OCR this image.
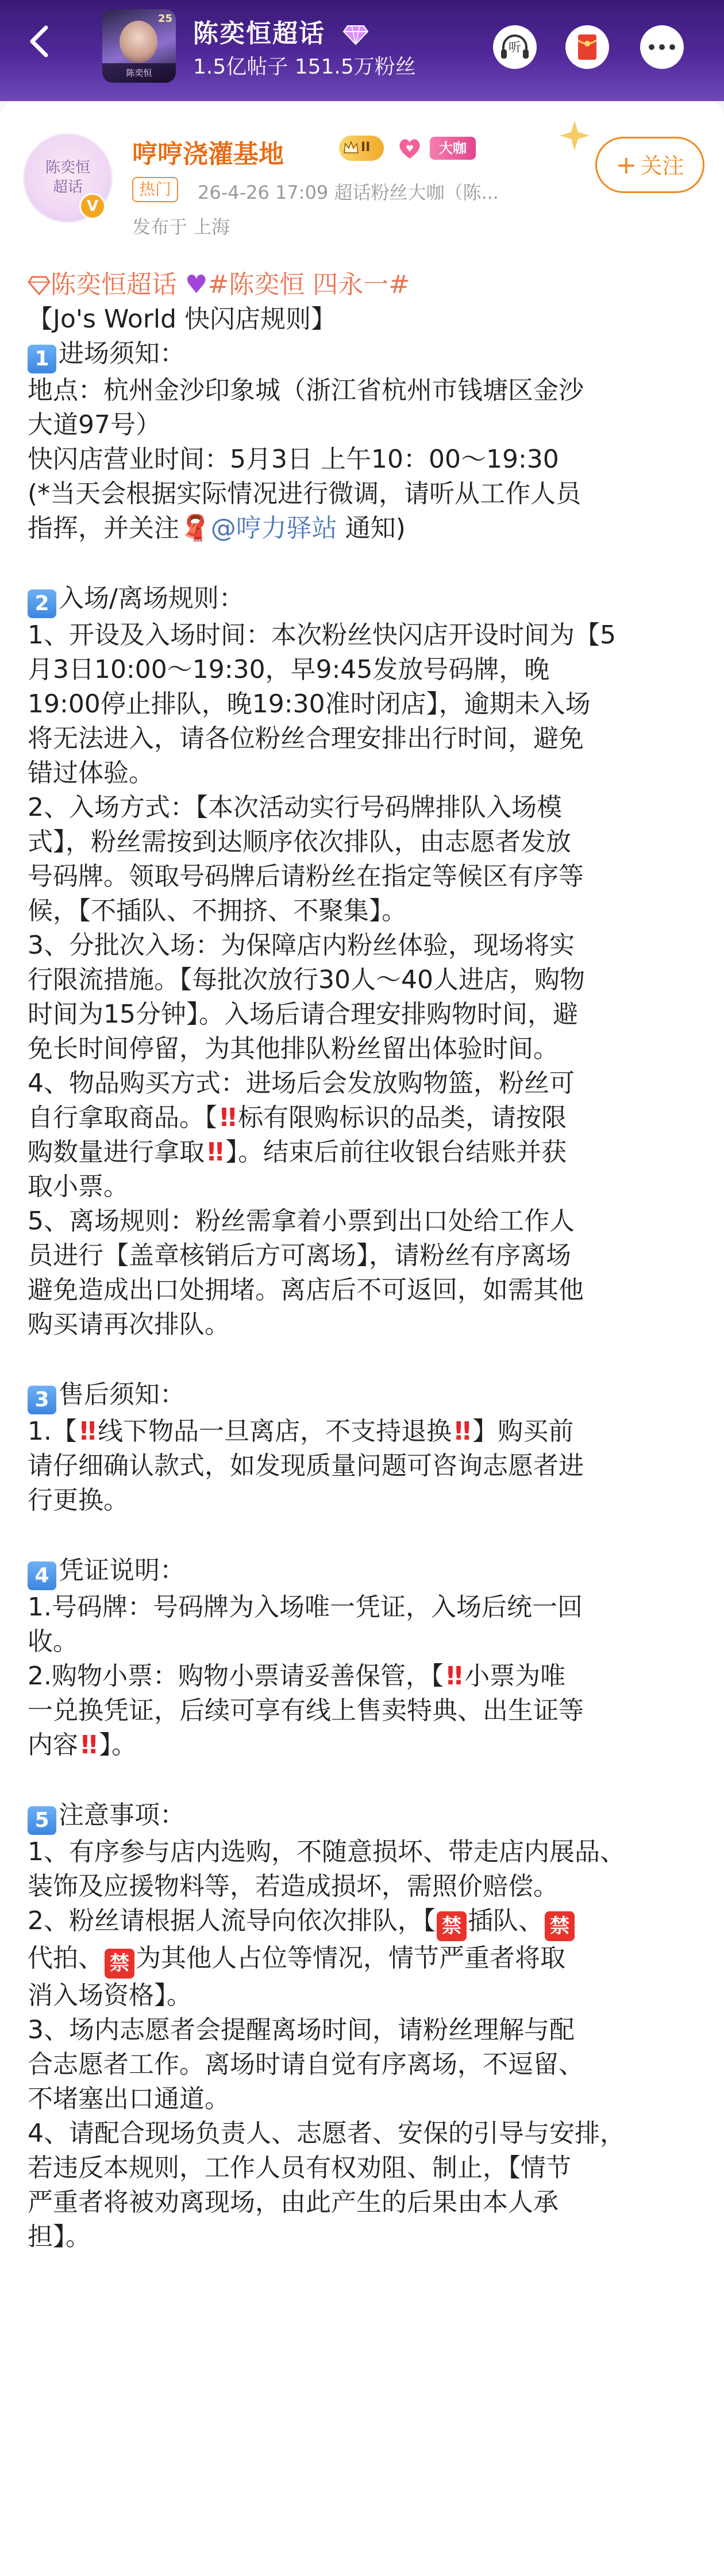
25
陈奕恒
陈奕恒超话
1.5亿帖子 151.5万粉丝
听
陈奕恒
超话
V
哼哼浇灌基地	II	♥	大咖
热门	26-4-26 17:09 超话粉丝大咖（陈...
发布于 上海
+ 关注
陈奕恒超话 ♥#陈奕恒 四永一#
【Jo's World 快闪店规则】
1 进场须知：
地点：杭州金沙印象城（浙江省杭州市钱塘区金沙
大道97号）
快闪店营业时间：5月3日 上午10：00～19:30
(*当天会根据实际情况进行微调，请听从工作人员
指挥，并关注🧣@哼力驿站 通知)
2 入场/离场规则：
1、开设及入场时间：本次粉丝快闪店开设时间为【5
月3日10:00～19:30，早9:45发放号码牌，晚
19:00停止排队，晚19:30准时闭店】，逾期未入场
将无法进入，请各位粉丝合理安排出行时间，避免
错过体验。
2、入场方式：【本次活动实行号码牌排队入场模
式】，粉丝需按到达顺序依次排队，由志愿者发放
号码牌。领取号码牌后请粉丝在指定等候区有序等
候，【不插队、不拥挤、不聚集】。
3、分批次入场：为保障店内粉丝体验，现场将实
行限流措施。【每批次放行30人～40人进店，购物
时间为15分钟】。入场后请合理安排购物时间，避
免长时间停留，为其他排队粉丝留出体验时间。
4、物品购买方式：进场后会发放购物篮，粉丝可
自行拿取商品。【!! 标有限购标识的品类，请按限
购数量进行拿取!! 】。结束后前往收银台结账并获
取小票。
5、离场规则：粉丝需拿着小票到出口处给工作人
员进行【盖章核销后方可离场】，请粉丝有序离场
避免造成出口处拥堵。离店后不可返回，如需其他
购买请再次排队。
3 售后须知：
1.【!! 线下物品一旦离店，不支持退换!! 】购买前
请仔细确认款式，如发现质量问题可咨询志愿者进
行更换。
4 凭证说明：
1.号码牌：号码牌为入场唯一凭证，入场后统一回
收。
2.购物小票：购物小票请妥善保管，【!! 小票为唯
一兑换凭证，后续可享有线上售卖特典、出生证等
内容!! 】。
5 注意事项：
1、有序参与店内选购，不随意损坏、带走店内展品、
装饰及应援物料等，若造成损坏，需照价赔偿。
2、粉丝请根据人流导向依次排队，【 禁 插队、 禁
代拍、 禁 为其他人占位等情况，情节严重者将取
消入场资格】。
3、场内志愿者会提醒离场时间，请粉丝理解与配
合志愿者工作。离场时请自觉有序离场，不逗留、
不堵塞出口通道。
4、请配合现场负责人、志愿者、安保的引导与安排，
若违反本规则，工作人员有权劝阻、制止，【情节
严重者将被劝离现场，由此产生的后果由本人承
担】。
